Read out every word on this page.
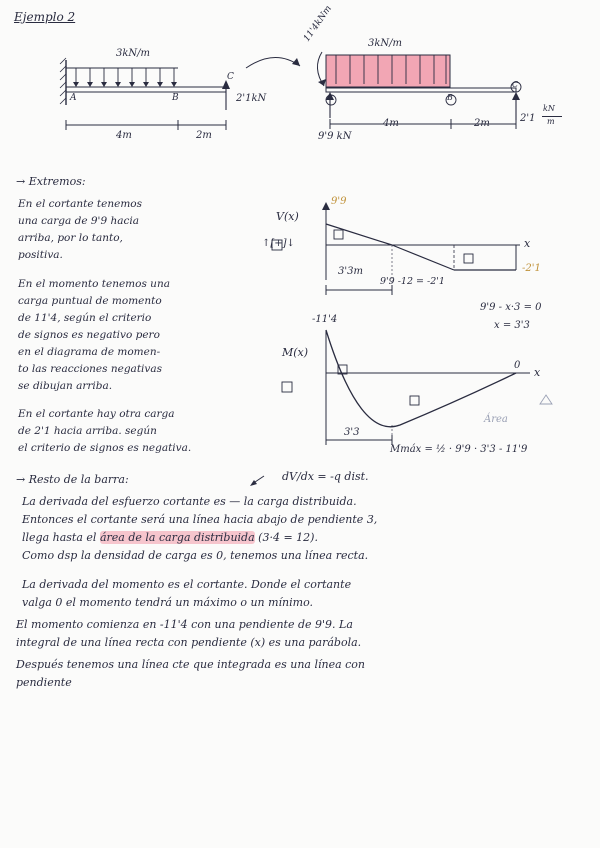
Ejemplo 2
3kN/m
A	B
C
2'1kN
4m	2m
11'4kNm	3kN/m
A	B
C
9'9 kN
4m	2m	2'1
kN
m
→ Extremos:
En el cortante tenemos
una carga de 9'9 hacia
arriba, por lo tanto,
positiva.
En el momento tenemos una
carga puntual de momento
de 11'4, según el criterio
de signos es negativo pero
en el diagrama de momen-
to las reacciones negativas
se dibujan arriba.
En el cortante hay otra carga
de 2'1 hacia arriba. según
el criterio de signos es negativa.
V(x)
9'9
↑[+]↓	x
3'3m
9'9 -12 = -2'1
-2'1
9'9 - x·3 = 0
x = 3'3
M(x)
-11'4
0
x
3'3
Área
Mmáx = ½ · 9'9 · 3'3 - 11'9
→ Resto de la barra:	dV/dx = -q dist.
La derivada del esfuerzo cortante es — la carga distribuida.
Entonces el cortante será una línea hacia abajo de pendiente 3,
llega hasta el área de la carga distribuida (3·4 = 12).
Como dsp la densidad de carga es 0, tenemos una línea recta.
La derivada del momento es el cortante. Donde el cortante
valga 0 el momento tendrá un máximo o un mínimo.
El momento comienza en -11'4 con una pendiente de 9'9. La
integral de una línea recta con pendiente (x) es una parábola.
Después tenemos una línea cte que integrada es una línea con
pendiente
